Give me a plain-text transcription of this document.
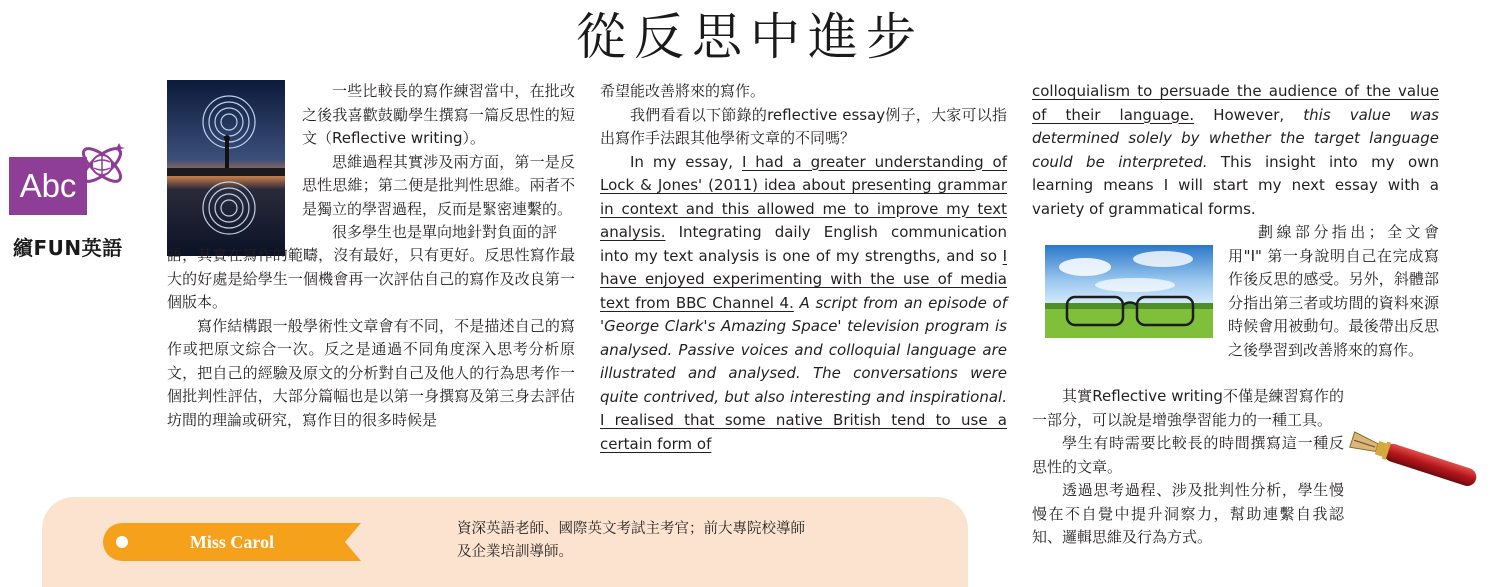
從反思中進步
Abc
繽FUN英語

一些比較長的寫作練習當中，在批改之後我喜歡鼓勵學生撰寫一篇反思性的短文（Reflective writing）。

思維過程其實涉及兩方面，第一是反思性思維；第二便是批判性思維。兩者不是獨立的學習過程，反而是緊密連繫的。

很多學生也是單向地針對負面的評

語，其實在寫作的範疇，沒有最好，只有更好。反思性寫作最大的好處是給學生一個機會再一次評估自己的寫作及改良第一個版本。

寫作結構跟一般學術性文章會有不同，不是描述自己的寫作或把原文綜合一次。反之是通過不同角度深入思考分析原文，把自己的經驗及原文的分析對自己及他人的行為思考作一個批判性評估，大部分篇幅也是以第一身撰寫及第三身去評估坊間的理論或研究，寫作目的很多時候是

希望能改善將來的寫作。

我們看看以下節錄的reflective essay例子，大家可以指出寫作手法跟其他學術文章的不同嗎？

In my essay, I had a greater understanding of Lock & Jones' (2011) idea about presenting grammar in context and this allowed me to improve my text analysis. Integrating daily English communication into my text analysis is one of my strengths, and so I have enjoyed experimenting with the use of media text from BBC Channel 4. A script from an episode of 'George Clark's Amazing Space' television program is analysed. Passive voices and colloquial language are illustrated and analysed. The conversations were quite contrived, but also interesting and inspirational. I realised that some native British tend to use a certain form of

colloquialism to persuade the audience of the value of their language. However, this value was determined solely by whether the target language could be interpreted. This insight into my own learning means I will start my next essay with a variety of grammatical forms.

劃線部分指出；全文會用"I" 第一身說明自己在完成寫作後反思的感受。另外，斜體部分指出第三者或坊間的資料來源時候會用被動句。最後帶出反思之後學習到改善將來的寫作。

其實Reflective writing不僅是練習寫作的一部分，可以說是增強學習能力的一種工具。

學生有時需要比較長的時間撰寫這一種反思性的文章。

透過思考過程、涉及批判性分析，學生慢慢在不自覺中提升洞察力，幫助連繫自我認知、邏輯思維及行為方式。

Miss Carol
資深英語老師、國際英文考試主考官；前大專院校導師
及企業培訓導師。
